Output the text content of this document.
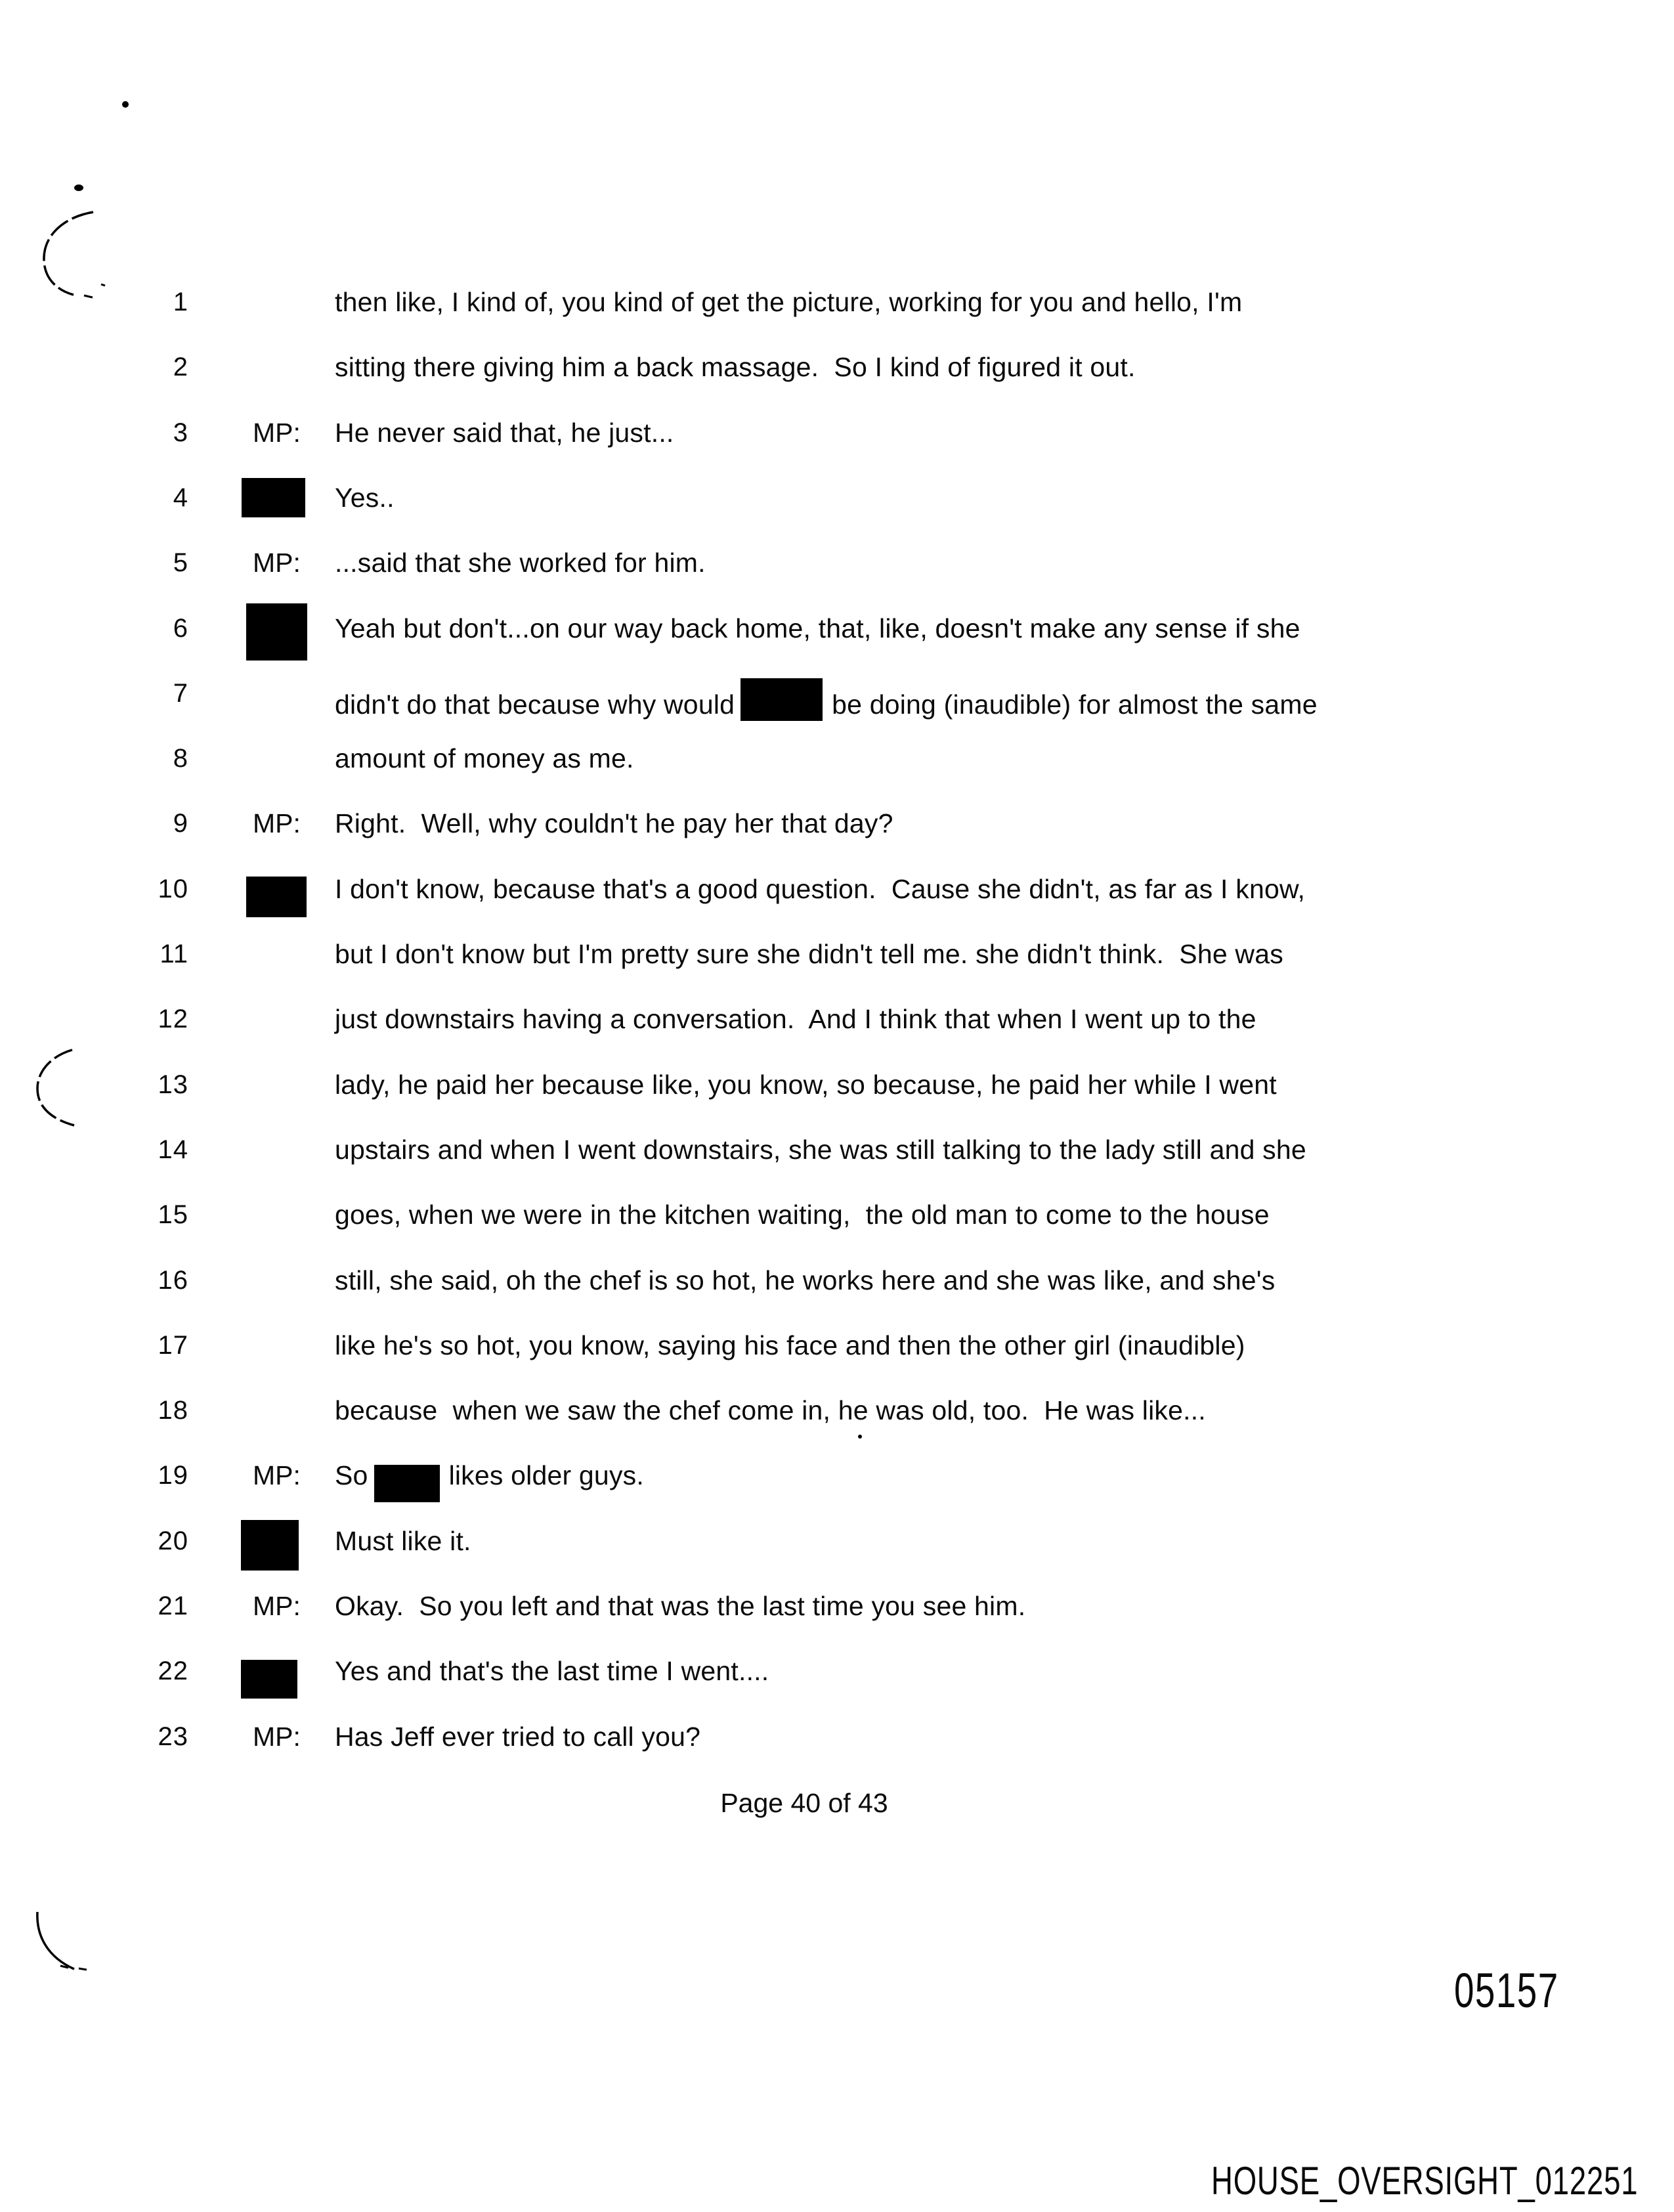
1	then like, I kind of, you kind of get the picture, working for you and hello, I'm
2	sitting there giving him a back massage.  So I kind of figured it out.
3 MP: He never said that, he just...
4	Yes..
5 MP: ...said that she worked for him.
6	Yeah but don't...on our way back home, that, like, doesn't make any sense if she
7	didn't do that because why would	be doing (inaudible) for almost the same
8	amount of money as me.
9 MP: Right.  Well, why couldn't he pay her that day?
10	I don't know, because that's a good question.  Cause she didn't, as far as I know,
11	but I don't know but I'm pretty sure she didn't tell me. she didn't think.  She was
12	just downstairs having a conversation.  And I think that when I went up to the
13	lady, he paid her because like, you know, so because, he paid her while I went
14	upstairs and when I went downstairs, she was still talking to the lady still and she
15	goes, when we were in the kitchen waiting,  the old man to come to the house
16	still, she said, oh the chef is so hot, he works here and she was like, and she's
17	like he's so hot, you know, saying his face and then the other girl (inaudible)
18	because  when we saw the chef come in, he was old, too.  He was like...
19 MP: So	likes older guys.
20	Must like it.
21 MP: Okay.  So you left and that was the last time you see him.
22	Yes and that's the last time I went....
23 MP: Has Jeff ever tried to call you?
Page 40 of 43
05157
HOUSE_OVERSIGHT_012251
